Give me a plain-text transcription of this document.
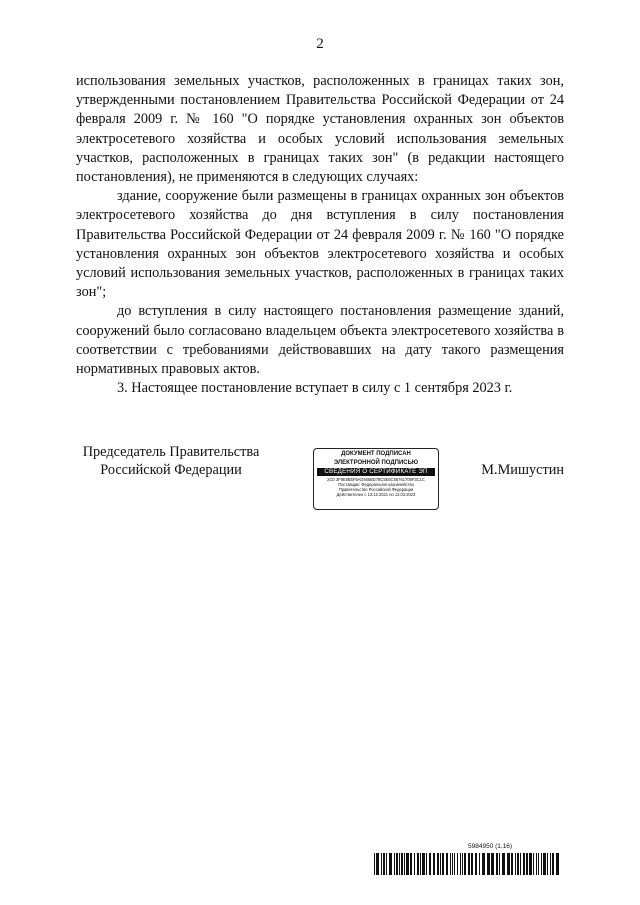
2

использования земельных участков, расположенных в границах таких зон, утвержденными постановлением Правительства Российской Федерации от 24 февраля 2009 г. № 160 "О порядке установления охранных зон объектов электросетевого хозяйства и особых условий использования земельных участков, расположенных в границах таких зон" (в редакции настоящего постановления), не применяются в следующих случаях:

здание, сооружение были размещены в границах охранных зон объектов электросетевого хозяйства до дня вступления в силу постановления Правительства Российской Федерации от 24 февраля 2009 г. № 160 "О порядке установления охранных зон объектов электросетевого хозяйства и особых условий использования земельных участков, расположенных в границах таких зон";

до вступления в силу настоящего постановления размещение зданий, сооружений было согласовано владельцем объекта электросетевого хозяйства в соответствии с требованиями действовавших на дату такого размещения нормативных правовых актов.

3. Настоящее постановление вступает в силу с 1 сентября 2023 г.

Председатель Правительства
Российской Федерации
ДОКУМЕНТ ПОДПИСАН
ЭЛЕКТРОННОЙ ПОДПИСЬЮ
СВЕДЕНИЯ О СЕРТИФИКАТЕ ЭП
2C0 3F9E8B5F9AD466BD78C5E6C65761709F3C1C
Поставщик: Федеральное казначейство
Правительство Российской Федерации
Действителен с 13.12.2021 по 13.03.2023
М.Мишустин
5984950 (1.16)
